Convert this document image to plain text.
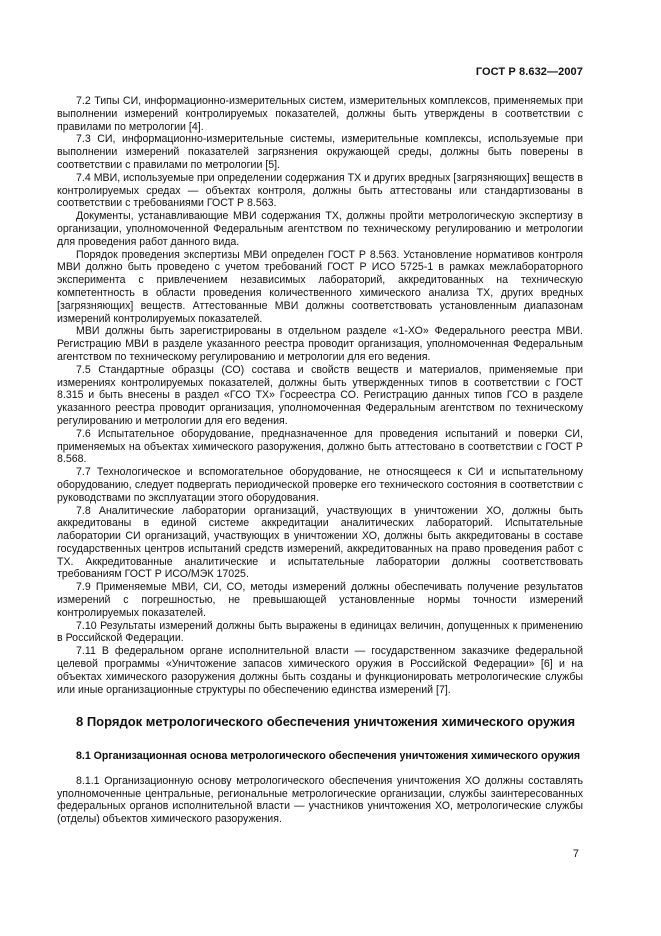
ГОСТ Р 8.632—2007

7.2 Типы СИ, информационно-измерительных систем, измерительных комплексов, применяемых при выполнении измерений контролируемых показателей, должны быть утверждены в соответствии с правилами по метрологии [4].

7.3 СИ, информационно-измерительные системы, измерительные комплексы, используемые при выполнении измерений показателей загрязнения окружающей среды, должны быть поверены в соответствии с правилами по метрологии [5].

7.4 МВИ, используемые при определении содержания ТХ и других вредных [загрязняющих] веществ в контролируемых средах — объектах контроля, должны быть аттестованы или стандартизованы в соответствии с требованиями ГОСТ Р 8.563.

Документы, устанавливающие МВИ содержания ТХ, должны пройти метрологическую экспертизу в организации, уполномоченной Федеральным агентством по техническому регулированию и метрологии для проведения работ данного вида.

Порядок проведения экспертизы МВИ определен ГОСТ Р 8.563. Установление нормативов контроля МВИ должно быть проведено с учетом требований ГОСТ Р ИСО 5725-1 в рамках межлабораторного эксперимента с привлечением независимых лабораторий, аккредитованных на техническую компетентность в области проведения количественного химического анализа ТХ, других вредных [загрязняющих] веществ. Аттестованные МВИ должны соответствовать установленным диапазонам измерений контролируемых показателей.

МВИ должны быть зарегистрированы в отдельном разделе «1-ХО» Федерального реестра МВИ. Регистрацию МВИ в разделе указанного реестра проводит организация, уполномоченная Федеральным агентством по техническому регулированию и метрологии для его ведения.

7.5 Стандартные образцы (СО) состава и свойств веществ и материалов, применяемые при измерениях контролируемых показателей, должны быть утвержденных типов в соответствии с ГОСТ 8.315 и быть внесены в раздел «ГСО ТХ» Госреестра СО. Регистрацию данных типов ГСО в разделе указанного реестра проводит организация, уполномоченная Федеральным агентством по техническому регулированию и метрологии для его ведения.

7.6 Испытательное оборудование, предназначенное для проведения испытаний и поверки СИ, применяемых на объектах химического разоружения, должно быть аттестовано в соответствии с ГОСТ Р 8.568.

7.7 Технологическое и вспомогательное оборудование, не относящееся к СИ и испытательному оборудованию, следует подвергать периодической проверке его технического состояния в соответствии с руководствами по эксплуатации этого оборудования.

7.8 Аналитические лаборатории организаций, участвующих в уничтожении ХО, должны быть аккредитованы в единой системе аккредитации аналитических лабораторий. Испытательные лаборатории СИ организаций, участвующих в уничтожении ХО, должны быть аккредитованы в составе государственных центров испытаний средств измерений, аккредитованных на право проведения работ с ТХ. Аккредитованные аналитические и испытательные лаборатории должны соответствовать требованиям ГОСТ Р ИСО/МЭК 17025.

7.9 Применяемые МВИ, СИ, СО, методы измерений должны обеспечивать получение результатов измерений с погрешностью, не превышающей установленные нормы точности измерений контролируемых показателей.

7.10 Результаты измерений должны быть выражены в единицах величин, допущенных к применению в Российской Федерации.

7.11 В федеральном органе исполнительной власти — государственном заказчике федеральной целевой программы «Уничтожение запасов химического оружия в Российской Федерации» [6] и на объектах химического разоружения должны быть созданы и функционировать метрологические службы или иные организационные структуры по обеспечению единства измерений [7].

8 Порядок метрологического обеспечения уничтожения химического оружия
8.1 Организационная основа метрологического обеспечения уничтожения химического оружия

8.1.1 Организационную основу метрологического обеспечения уничтожения ХО должны составлять уполномоченные центральные, региональные метрологические организации, службы заинтересованных федеральных органов исполнительной власти — участников уничтожения ХО, метрологические службы (отделы) объектов химического разоружения.

7
